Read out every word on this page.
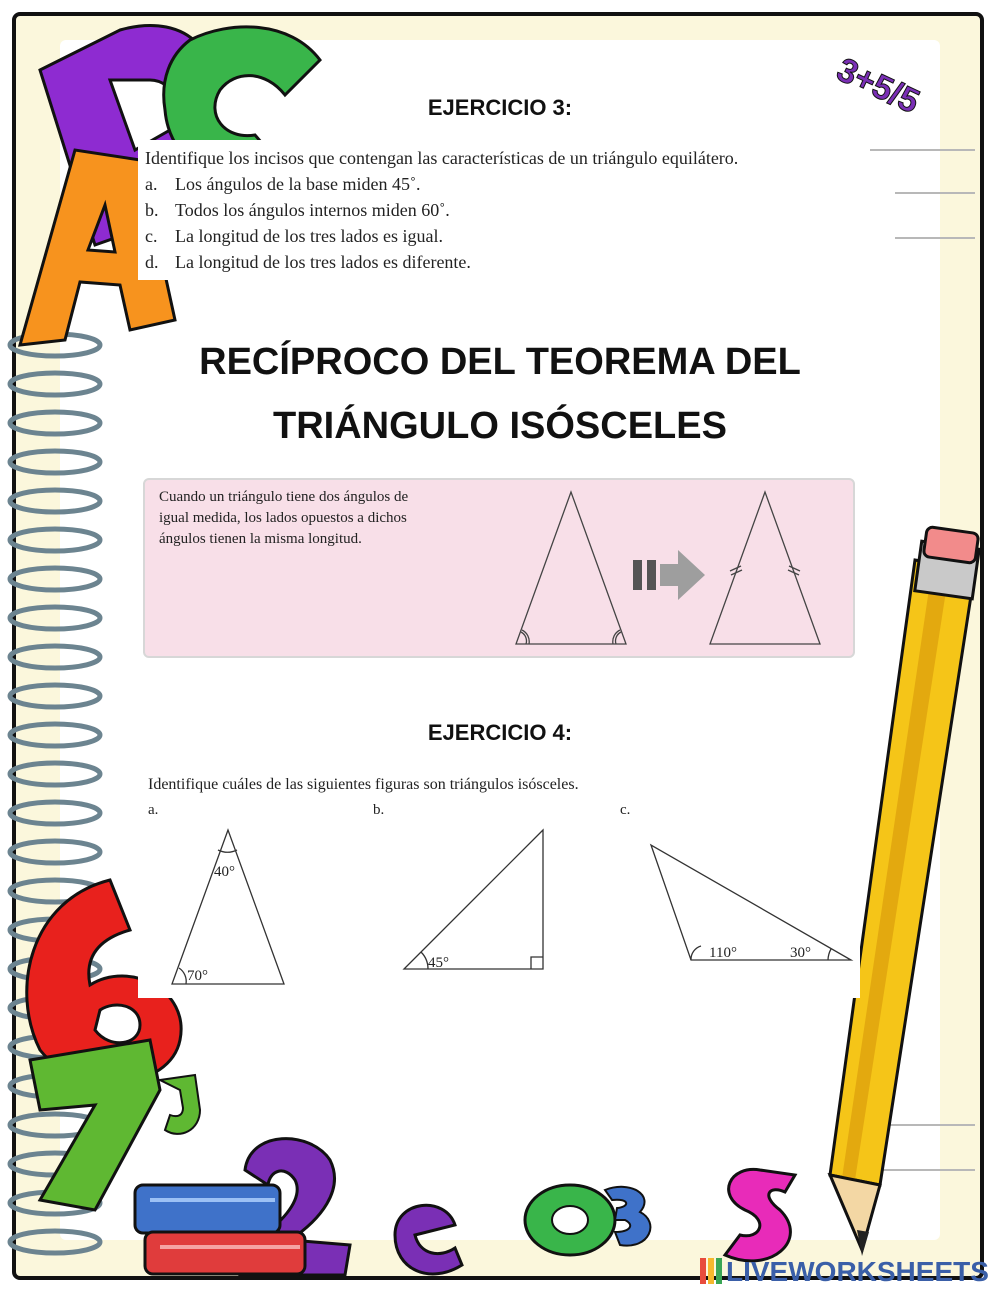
3+5/5
EJERCICIO 3:
Identifique los incisos que contengan las características de un triángulo equilátero.
a. Los ángulos de la base miden 45˚.
b. Todos los ángulos internos miden 60˚.
c. La longitud de los tres lados es igual.
d. La longitud de los tres lados es diferente.
RECÍPROCO DEL TEOREMA DEL
TRIÁNGULO ISÓSCELES
Cuando un triángulo tiene dos ángulos de
igual medida, los lados opuestos a dichos
ángulos tienen la misma longitud.
EJERCICIO 4:
Identifique cuáles de las siguientes figuras son triángulos isósceles.
a.	b.	c.
40°
70°
45°
110°	30°
LIVEWORKSHEETS
